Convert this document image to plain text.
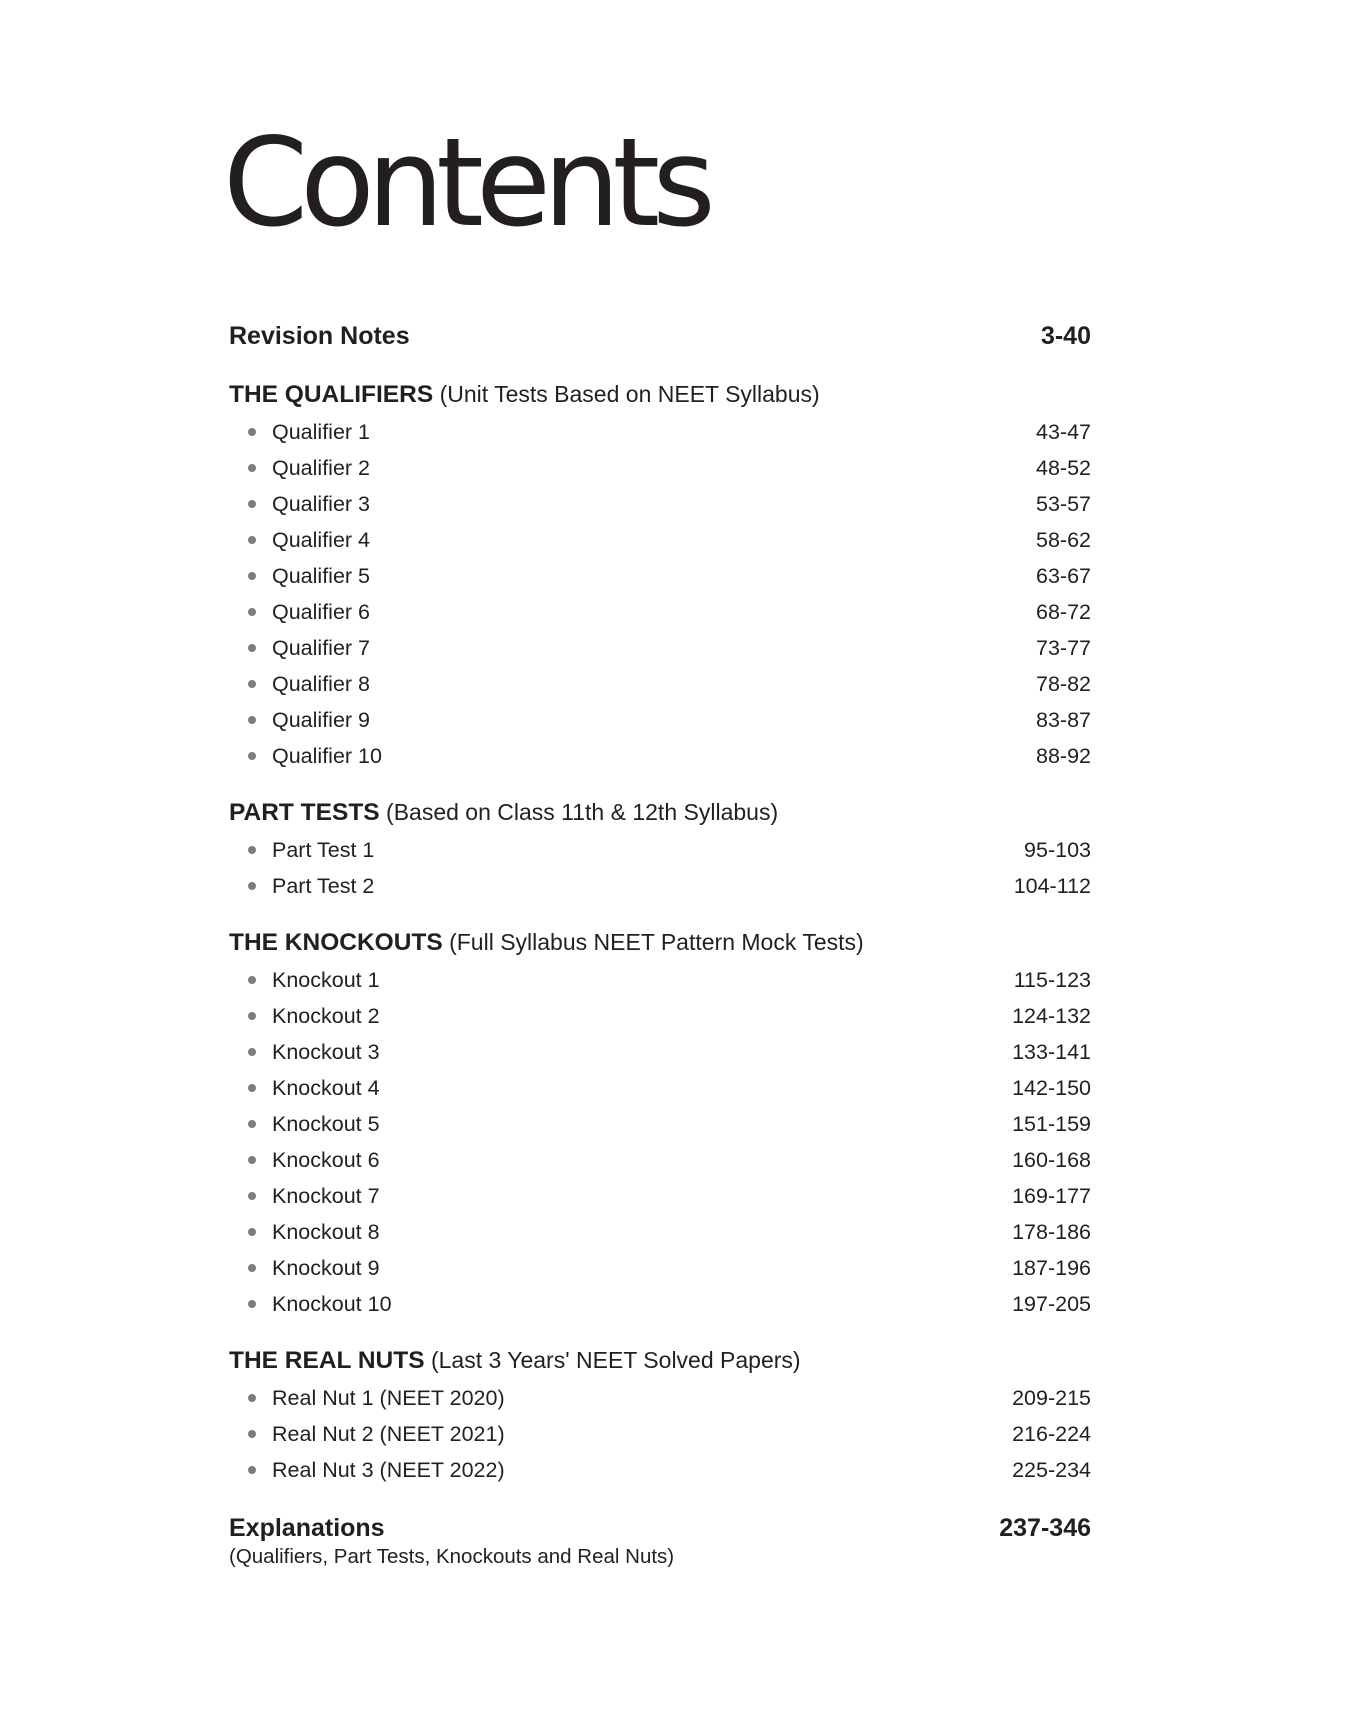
Contents
Revision Notes	3-40
THE QUALIFIERS (Unit Tests Based on NEET Syllabus)
Qualifier 1	43-47
Qualifier 2	48-52
Qualifier 3	53-57
Qualifier 4	58-62
Qualifier 5	63-67
Qualifier 6	68-72
Qualifier 7	73-77
Qualifier 8	78-82
Qualifier 9	83-87
Qualifier 10	88-92
PART TESTS (Based on Class 11th & 12th Syllabus)
Part Test 1	95-103
Part Test 2	104-112
THE KNOCKOUTS (Full Syllabus NEET Pattern Mock Tests)
Knockout 1	115-123
Knockout 2	124-132
Knockout 3	133-141
Knockout 4	142-150
Knockout 5	151-159
Knockout 6	160-168
Knockout 7	169-177
Knockout 8	178-186
Knockout 9	187-196
Knockout 10	197-205
THE REAL NUTS (Last 3 Years' NEET Solved Papers)
Real Nut 1 (NEET 2020)	209-215
Real Nut 2 (NEET 2021)	216-224
Real Nut 3 (NEET 2022)	225-234
Explanations	237-346
(Qualifiers, Part Tests, Knockouts and Real Nuts)
